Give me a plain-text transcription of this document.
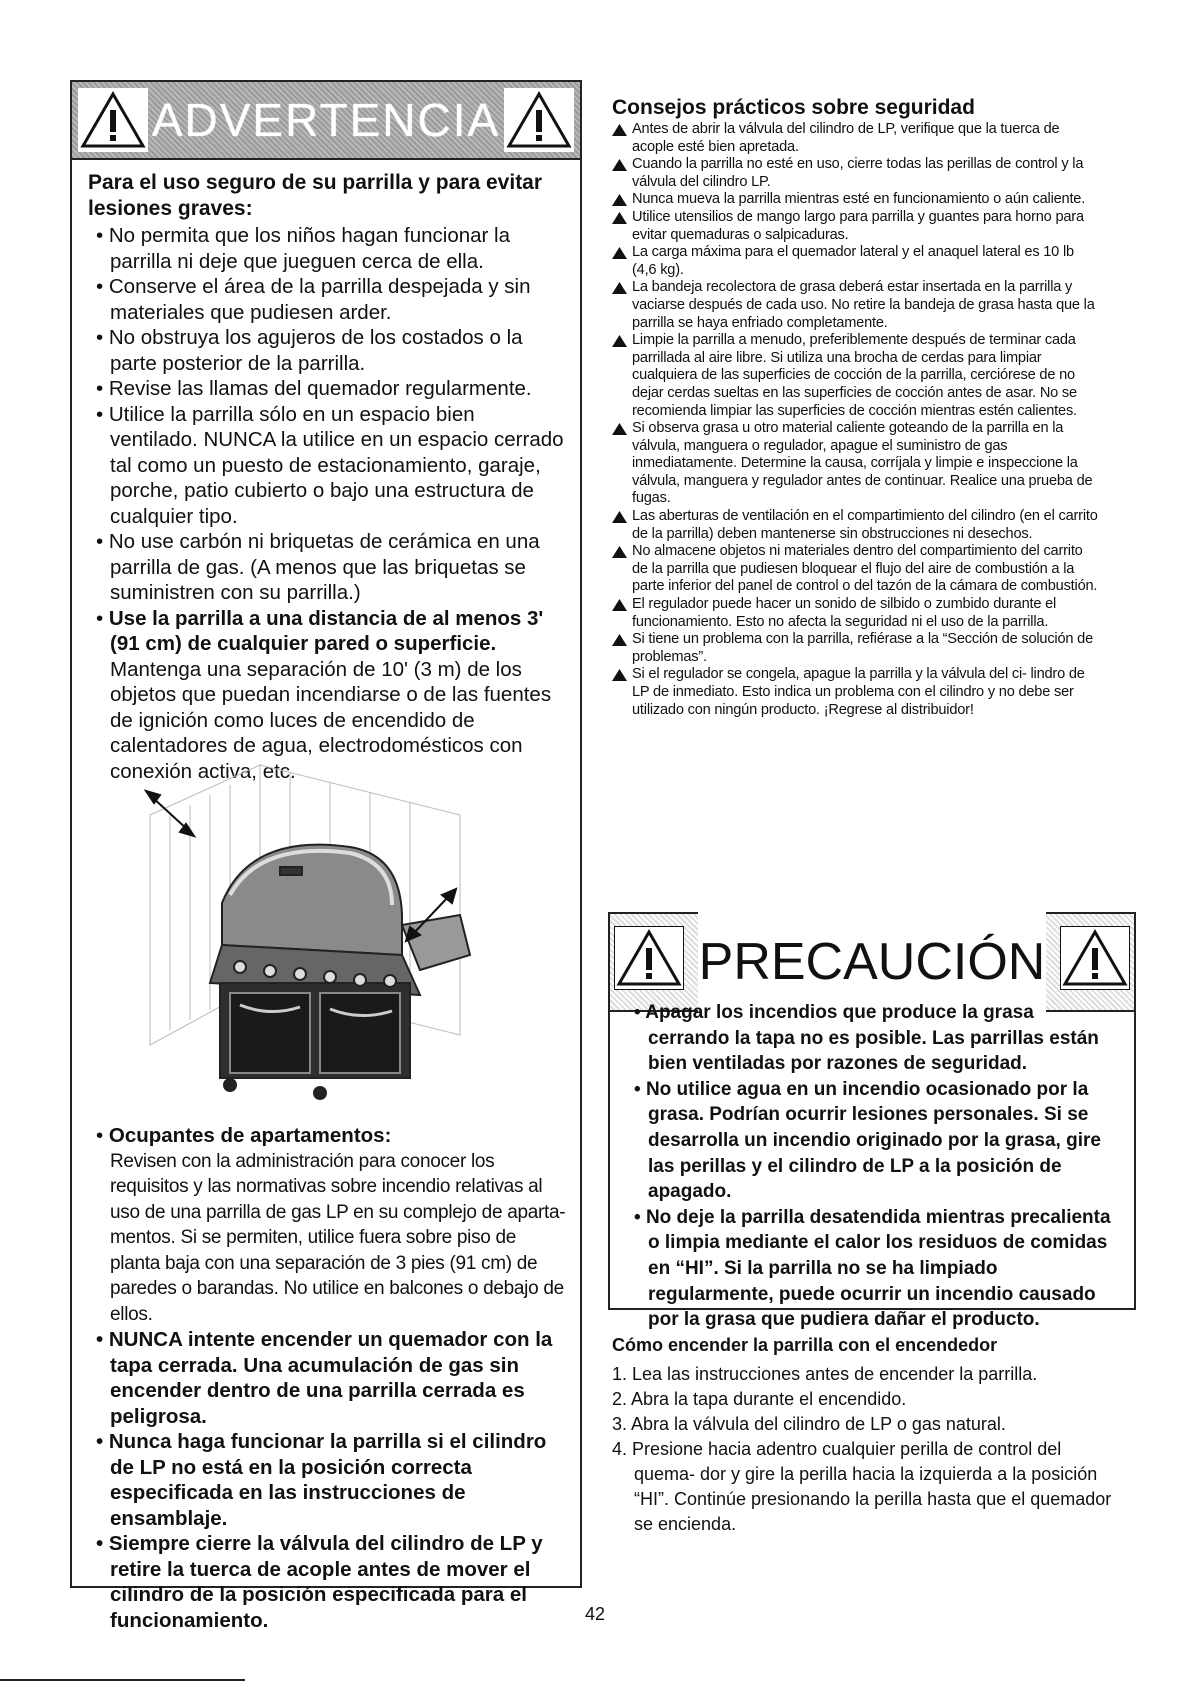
ADVERTENCIA
Para el uso seguro de su parrilla y para evitar
lesiones graves:
• No permita que los niños hagan funcionar la parrilla ni deje que jueguen cerca de ella.
• Conserve el área de la parrilla despejada y sin materiales que pudiesen arder.
• No obstruya los agujeros de los costados o la parte posterior de la parrilla.
• Revise las llamas del quemador regularmente.
• Utilice la parrilla sólo en un espacio bien ventilado. NUNCA la utilice en un espacio cerrado tal como un puesto de estacionamiento, garaje, porche, patio cubierto o bajo una estructura de cualquier tipo.
• No use carbón ni briquetas de cerámica en una parrilla de gas. (A menos que las briquetas se suministren con su parrilla.)
• Use la parrilla a una distancia de al menos 3' (91 cm) de cualquier pared o superficie. Mantenga una separación de 10' (3 m) de los objetos que puedan incendiarse o de las fuentes de ignición como luces de encendido de calentadores de agua, electrodomésticos con conexión activa, etc.
• Ocupantes de apartamentos:
Revisen con la administración para conocer los requisitos y las normativas sobre incendio relativas al uso de una parrilla de gas LP en su complejo de aparta- mentos. Si se permiten, utilice fuera sobre piso de planta baja con una separación de 3 pies (91 cm) de paredes o barandas. No utilice en balcones o debajo de ellos.
• NUNCA intente encender un quemador con la tapa cerrada. Una acumulación de gas sin encender dentro de una parrilla cerrada es peligrosa.
• Nunca haga funcionar la parrilla si el cilindro de LP no está en la posición correcta especificada en las instrucciones de ensamblaje.
• Siempre cierre la válvula del cilindro de LP y retire la tuerca de acople antes de mover el cilindro de la posición especificada para el funcionamiento.
Consejos prácticos sobre seguridad
Antes de abrir la válvula del cilindro de LP, verifique que la tuerca de acople esté bien apretada.
Cuando la parrilla no esté en uso, cierre todas las perillas de control y la válvula del cilindro LP.
Nunca mueva la parrilla mientras esté en funcionamiento o aún caliente.
Utilice utensilios de mango largo para parrilla y guantes para horno para evitar quemaduras o salpicaduras.
La carga máxima para el quemador lateral y el anaquel lateral es 10 lb (4,6 kg).
La bandeja recolectora de grasa deberá estar insertada en la parrilla y vaciarse después de cada uso. No retire la bandeja de grasa hasta que la parrilla se haya enfriado completamente.
Limpie la parrilla a menudo, preferiblemente después de terminar cada parrillada al aire libre. Si utiliza una brocha de cerdas para limpiar cualquiera de las superficies de cocción de la parrilla, cerciórese de no dejar cerdas sueltas en las superficies de cocción antes de asar. No se recomienda limpiar las superficies de cocción mientras estén calientes.
Si observa grasa u otro material caliente goteando de la parrilla en la válvula, manguera o regulador, apague el suministro de gas inmediatamente. Determine la causa, corríjala y limpie e inspeccione la válvula, manguera y regulador antes de continuar. Realice una prueba de fugas.
Las aberturas de ventilación en el compartimiento del cilindro (en el carrito de la parrilla) deben mantenerse sin obstrucciones ni desechos.
No almacene objetos ni materiales dentro del compartimiento del carrito de la parrilla que pudiesen bloquear el flujo del aire de combustión a la parte inferior del panel de control o del tazón de la cámara de combustión.
El regulador puede hacer un sonido de silbido o zumbido durante el funcionamiento. Esto no afecta la seguridad ni el uso de la parrilla.
Si tiene un problema con la parrilla, refiérase a la “Sección de solución de problemas”.
Si el regulador se congela, apague la parrilla y la válvula del ci- lindro de LP de inmediato. Esto indica un problema con el cilindro y no debe ser utilizado con ningún producto. ¡Regrese al distribuidor!
PRECAUCIÓN
• Apagar los incendios que produce la grasa cerrando la tapa no es posible. Las parrillas están bien ventiladas por razones de seguridad.
• No utilice agua en un incendio ocasionado por la grasa. Podrían ocurrir lesiones personales. Si se desarrolla un incendio originado por la grasa, gire las perillas y el cilindro de LP a la posición de apagado.
• No deje la parrilla desatendida mientras precalienta o limpia mediante el calor los residuos de comidas en “HI”. Si la parrilla no se ha limpiado regularmente, puede ocurrir un incendio causado por la grasa que pudiera dañar el producto.
Cómo encender la parrilla con el encendedor
1. Lea las instrucciones antes de encender la parrilla.
2. Abra la tapa durante el encendido.
3. Abra la válvula del cilindro de LP o gas natural.
4. Presione hacia adentro cualquier perilla de control del quema- dor y gire la perilla hacia la izquierda a la posición “HI”. Continúe presionando la perilla hasta que el quemador se encienda.
42
